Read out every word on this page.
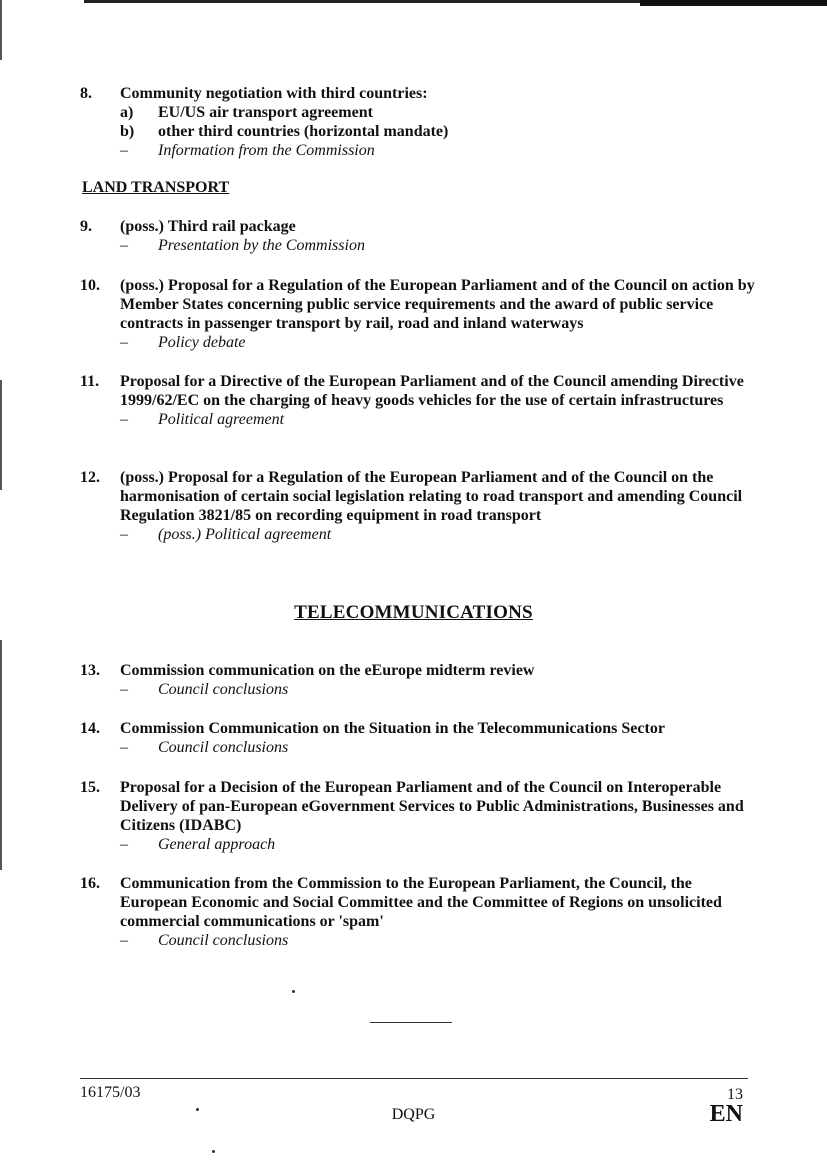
8. Community negotiation with third countries:
a)	EU/US air transport agreement
b)	other third countries (horizontal mandate)
–	Information from the Commission
LAND TRANSPORT
9. (poss.) Third rail package
–	Presentation by the Commission
10. (poss.) Proposal for a Regulation of the European Parliament and of the Council on action by Member States concerning public service requirements and the award of public service contracts in passenger transport by rail, road and inland waterways
–	Policy debate
11. Proposal for a Directive of the European Parliament and of the Council amending Directive 1999/62/EC on the charging of heavy goods vehicles for the use of certain infrastructures
–	Political agreement
12. (poss.) Proposal for a Regulation of the European Parliament and of the Council on the harmonisation of certain social legislation relating to road transport and amending Council Regulation 3821/85 on recording equipment in road transport
–	(poss.) Political agreement
TELECOMMUNICATIONS
13. Commission communication on the eEurope midterm review
–	Council conclusions
14. Commission Communication on the Situation in the Telecommunications Sector
–	Council conclusions
15. Proposal for a Decision of the European Parliament and of the Council on Interoperable Delivery of pan-European eGovernment Services to Public Administrations, Businesses and Citizens (IDABC)
–	General approach
16. Communication from the Commission to the European Parliament, the Council, the European Economic and Social Committee and the Committee of Regions on unsolicited commercial communications or 'spam'
–	Council conclusions
16175/03	13
DQPG	EN
